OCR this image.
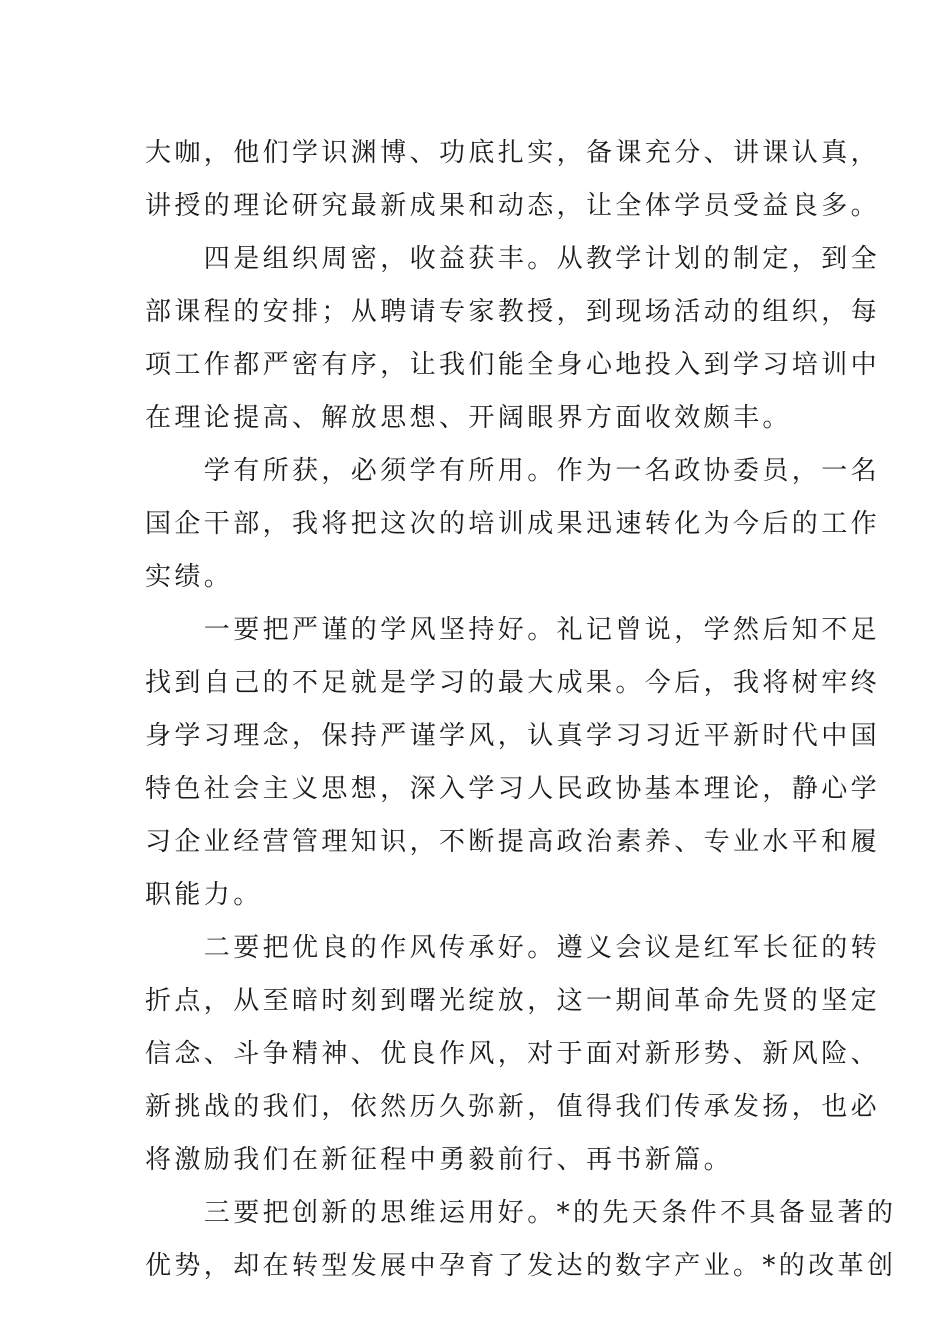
大咖，他们学识渊博、功底扎实，备课充分、讲课认真，
讲授的理论研究最新成果和动态，让全体学员受益良多。
　　四是组织周密，收益获丰。从教学计划的制定，到全
部课程的安排；从聘请专家教授，到现场活动的组织，每
项工作都严密有序，让我们能全身心地投入到学习培训中
在理论提高、解放思想、开阔眼界方面收效颇丰。
　　学有所获，必须学有所用。作为一名政协委员，一名
国企干部，我将把这次的培训成果迅速转化为今后的工作
实绩。
　　一要把严谨的学风坚持好。礼记曾说，学然后知不足
找到自己的不足就是学习的最大成果。今后，我将树牢终
身学习理念，保持严谨学风，认真学习习近平新时代中国
特色社会主义思想，深入学习人民政协基本理论，静心学
习企业经营管理知识，不断提高政治素养、专业水平和履
职能力。
　　二要把优良的作风传承好。遵义会议是红军长征的转
折点，从至暗时刻到曙光绽放，这一期间革命先贤的坚定
信念、斗争精神、优良作风，对于面对新形势、新风险、
新挑战的我们，依然历久弥新，值得我们传承发扬，也必
将激励我们在新征程中勇毅前行、再书新篇。
　　三要把创新的思维运用好。*的先天条件不具备显著的
优势，却在转型发展中孕育了发达的数字产业。*的改革创
